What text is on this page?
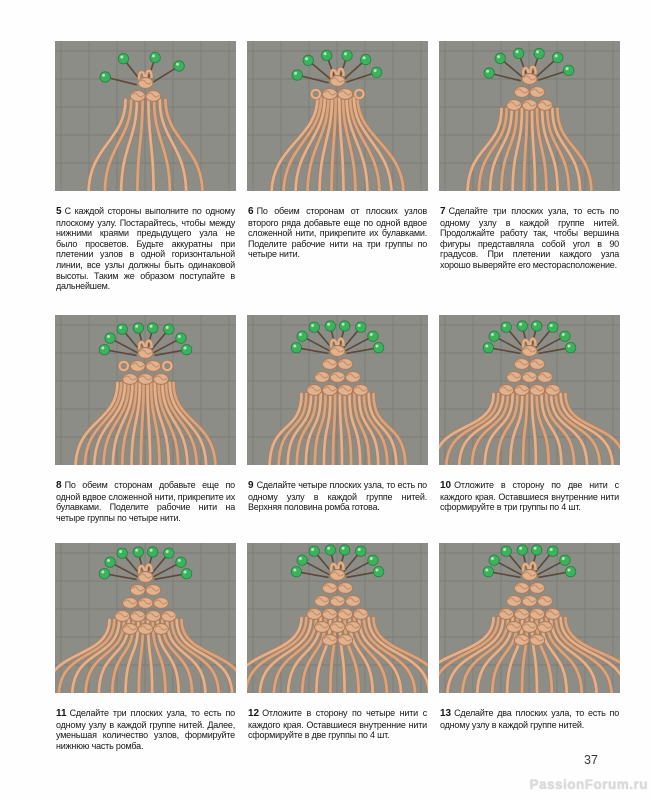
5 С каждой стороны выполните по одному плоскому узлу. Постарайтесь, чтобы между нижними краями предыдущего узла не было просветов. Будьте аккуратны при плетении узлов в одной горизонтальной линии, все узлы должны быть одинаковой высоты. Таким же образом поступайте в дальнейшем.

6 По обеим сторонам от плоских узлов второго ряда добавьте еще по одной вдвое сложенной нити, прикрепите их булавками. Поделите рабочие нити на три группы по четыре нити.

7 Сделайте три плоских узла, то есть по одному узлу в каждой группе нитей. Продолжайте работу так, чтобы вершина фигуры представляла собой угол в 90 градусов. При плетении каждого узла хорошо выверяйте его месторасположение.

8 По обеим сторонам добавьте еще по одной вдвое сложенной нити, прикрепите их булавками. Поделите рабочие нити на четыре группы по четыре нити.

9 Сделайте четыре плоских узла, то есть по одному узлу в каждой группе нитей. Верхняя половина ромба готова.

10 Отложите в сторону по две нити с каждого края. Оставшиеся внутренние нити сформируйте в три группы по 4 шт.

11 Сделайте три плоских узла, то есть по одному узлу в каждой группе нитей. Далее, уменьшая количество узлов, формируйте нижнюю часть ромба.

12 Отложите в сторону по четыре нити с каждого края. Оставшиеся внутренние нити сформируйте в две группы по 4 шт.

13 Сделайте два плоских узла, то есть по одному узлу в каждой группе нитей.

37
PassionForum.ru
